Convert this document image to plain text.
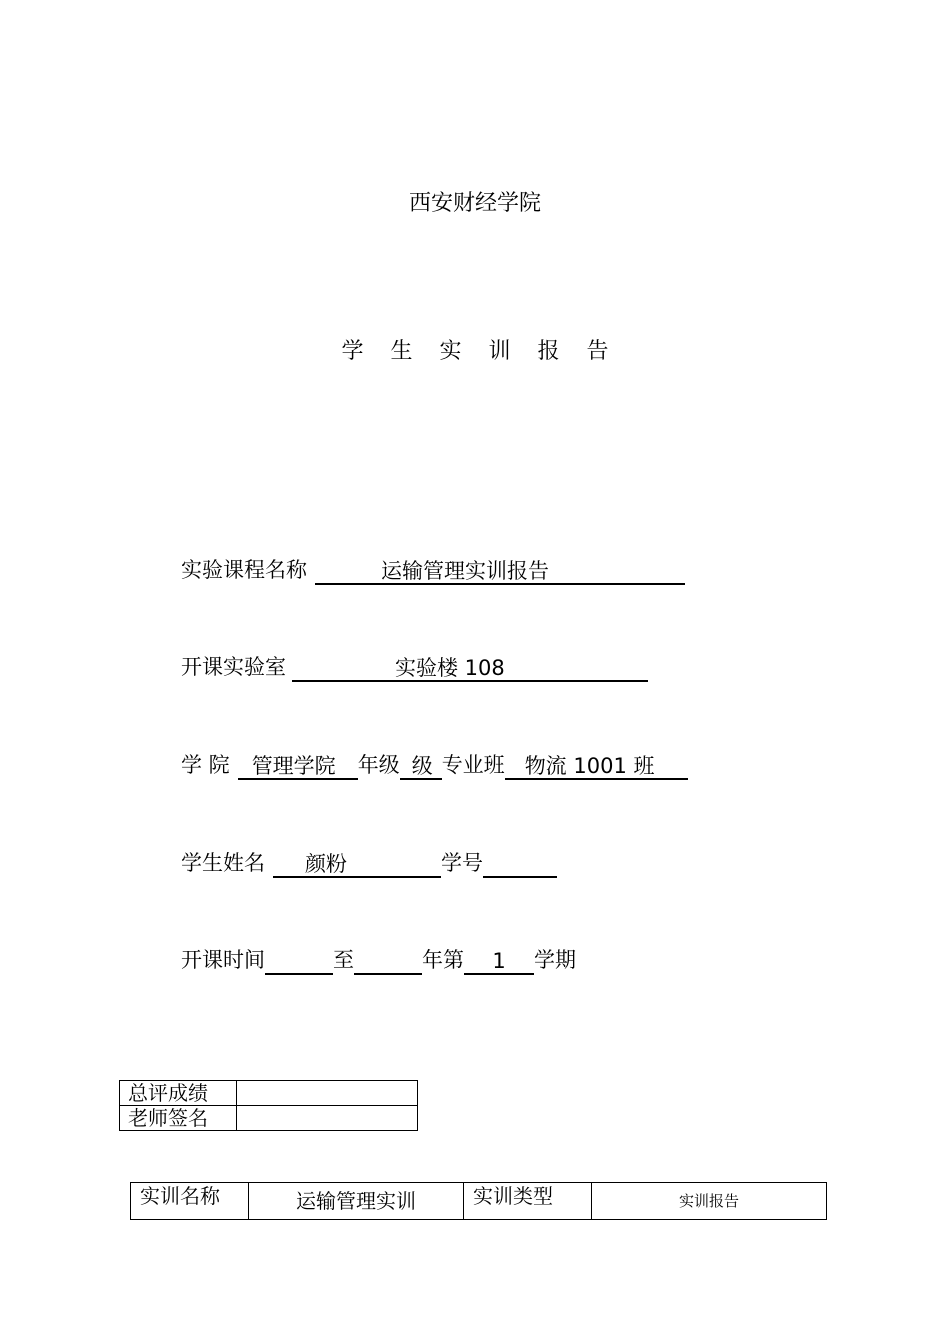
西安财经学院
学 生 实 训 报 告
实验课程名称	运输管理实训报告
开课实验室	实验楼 108
学 院	管理学院	年级 级 专业班 物流 1001 班
学生姓名	颜粉	学号
开课时间	至	年第	1	学期
总评成绩	
老师签名	
实训名称	运输管理实训	实训类型	实训报告
